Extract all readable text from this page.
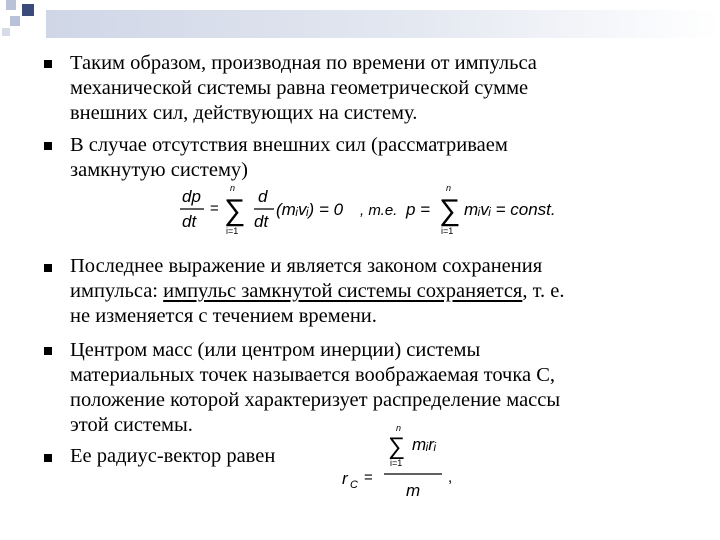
Таким образом, производная по времени от импульса
механической системы равна геометрической сумме
внешних сил, действующих на систему.
В случае отсутствия внешних сил (рассматриваем
замкнутую систему)
dp
dt
=
n
∑
i=1
d
dt
(mᵢvᵢ) = 0 , т.е. p =
n
∑
i=1
mᵢvᵢ = const.
Последнее выражение и является законом сохранения
импульса: импульс замкнутой системы сохраняется, т. е.
не изменяется с течением времени.
Центром масс (или центром инерции) системы
материальных точек называется воображаемая точка C,
положение которой характеризует распределение массы
этой системы.
Ее радиус-вектор равен
r C =
n
∑
i=1
mᵢrᵢ
m
,
